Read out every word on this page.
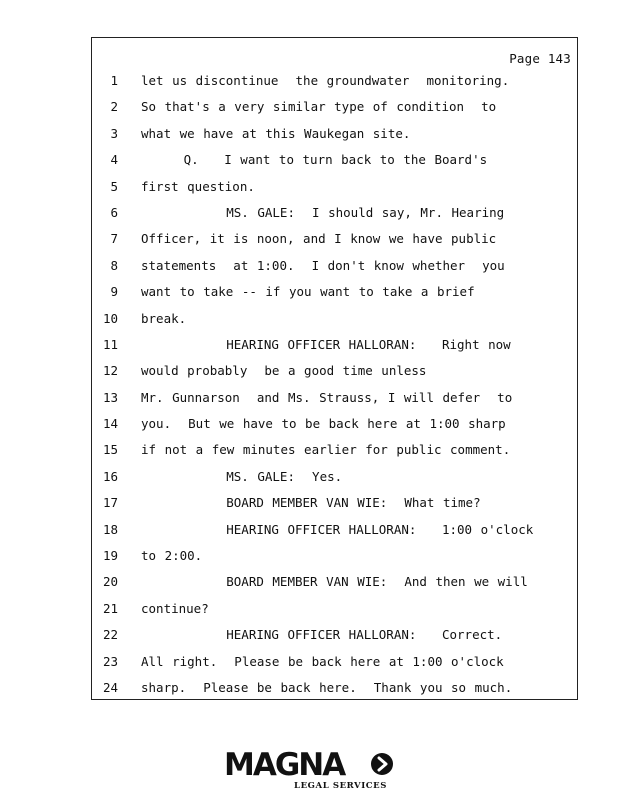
Page 143
1 let us discontinue  the groundwater  monitoring.
2 So that's a very similar type of condition  to
3 what we have at this Waukegan site.
4 Q.   I want to turn back to the Board's
5 first question.
6 MS. GALE:  I should say, Mr. Hearing
7 Officer, it is noon, and I know we have public
8 statements  at 1:00.  I don't know whether  you
9 want to take -- if you want to take a brief
10 break.
11 HEARING OFFICER HALLORAN:   Right now
12 would probably  be a good time unless
13 Mr. Gunnarson  and Ms. Strauss, I will defer  to
14 you.  But we have to be back here at 1:00 sharp
15 if not a few minutes earlier for public comment.
16 MS. GALE:  Yes.
17 BOARD MEMBER VAN WIE:  What time?
18 HEARING OFFICER HALLORAN:   1:00 o'clock
19 to 2:00.
20 BOARD MEMBER VAN WIE:  And then we will
21 continue?
22 HEARING OFFICER HALLORAN:   Correct.
23 All right.  Please be back here at 1:00 o'clock
24 sharp.  Please be back here.  Thank you so much.
MAGNA
LEGAL SERVICES
